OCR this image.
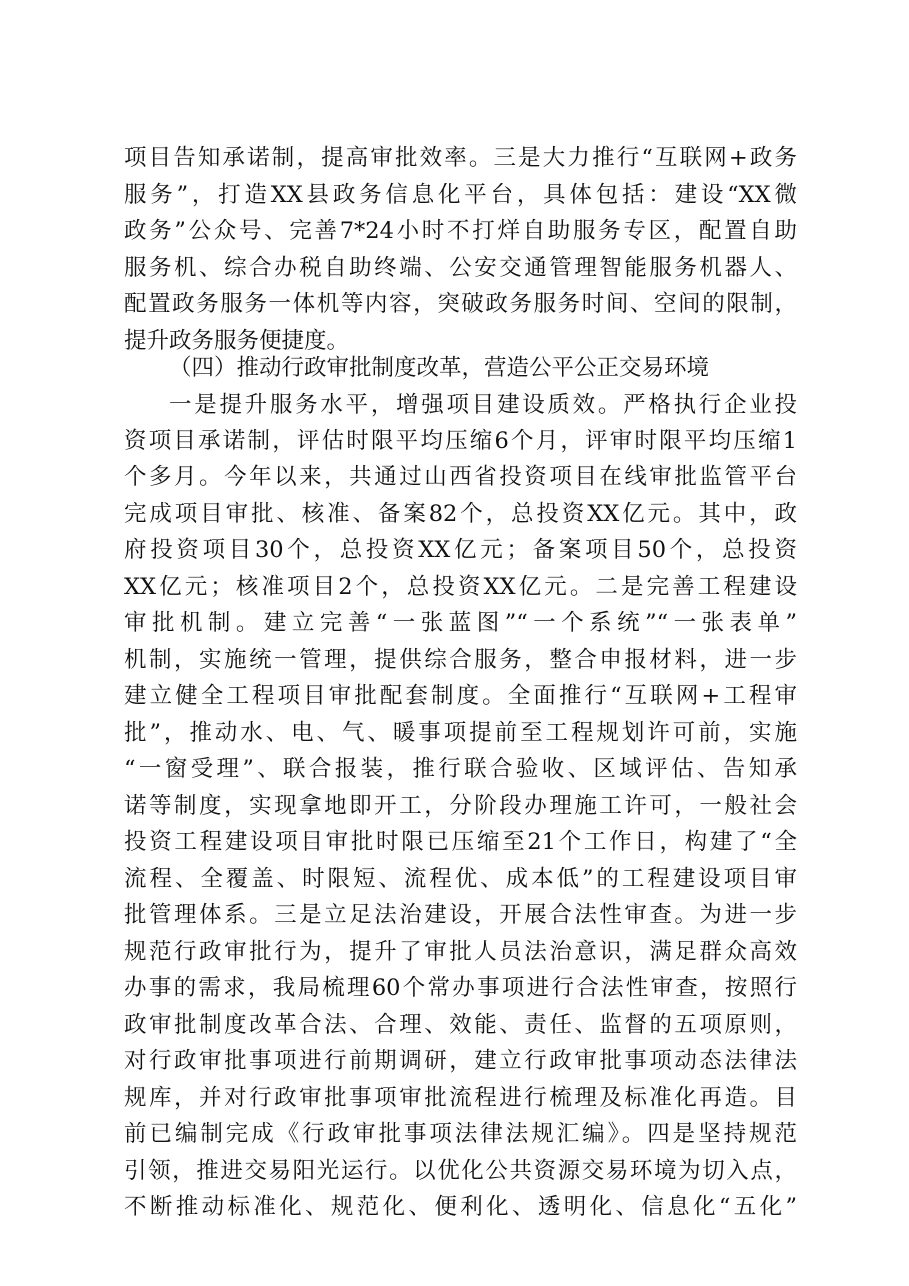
项目告知承诺制，提高审批效率。三是大力推行“互联网+政务
服务”，打造XX县政务信息化平台，具体包括：建设“XX微
政务”公众号、完善7*24小时不打烊自助服务专区，配置自助
服务机、综合办税自助终端、公安交通管理智能服务机器人、
配置政务服务一体机等内容，突破政务服务时间、空间的限制，
提升政务服务便捷度。
（四）推动行政审批制度改革，营造公平公正交易环境
一是提升服务水平，增强项目建设质效。严格执行企业投
资项目承诺制，评估时限平均压缩6个月，评审时限平均压缩1
个多月。今年以来，共通过山西省投资项目在线审批监管平台
完成项目审批、核准、备案82个，总投资XX亿元。其中，政
府投资项目30个，总投资XX亿元；备案项目50个，总投资
XX亿元；核准项目2个，总投资XX亿元。二是完善工程建设
审批机制。建立完善“一张蓝图”“一个系统”“一张表单”
机制，实施统一管理，提供综合服务，整合申报材料，进一步
建立健全工程项目审批配套制度。全面推行“互联网+工程审
批”，推动水、电、气、暖事项提前至工程规划许可前，实施
“一窗受理”、联合报装，推行联合验收、区域评估、告知承
诺等制度，实现拿地即开工，分阶段办理施工许可，一般社会
投资工程建设项目审批时限已压缩至21个工作日，构建了“全
流程、全覆盖、时限短、流程优、成本低”的工程建设项目审
批管理体系。三是立足法治建设，开展合法性审查。为进一步
规范行政审批行为，提升了审批人员法治意识，满足群众高效
办事的需求，我局梳理60个常办事项进行合法性审查，按照行
政审批制度改革合法、合理、效能、责任、监督的五项原则，
对行政审批事项进行前期调研，建立行政审批事项动态法律法
规库，并对行政审批事项审批流程进行梳理及标准化再造。目
前已编制完成《行政审批事项法律法规汇编》。四是坚持规范
引领，推进交易阳光运行。以优化公共资源交易环境为切入点，
不断推动标准化、规范化、便利化、透明化、信息化“五化”
